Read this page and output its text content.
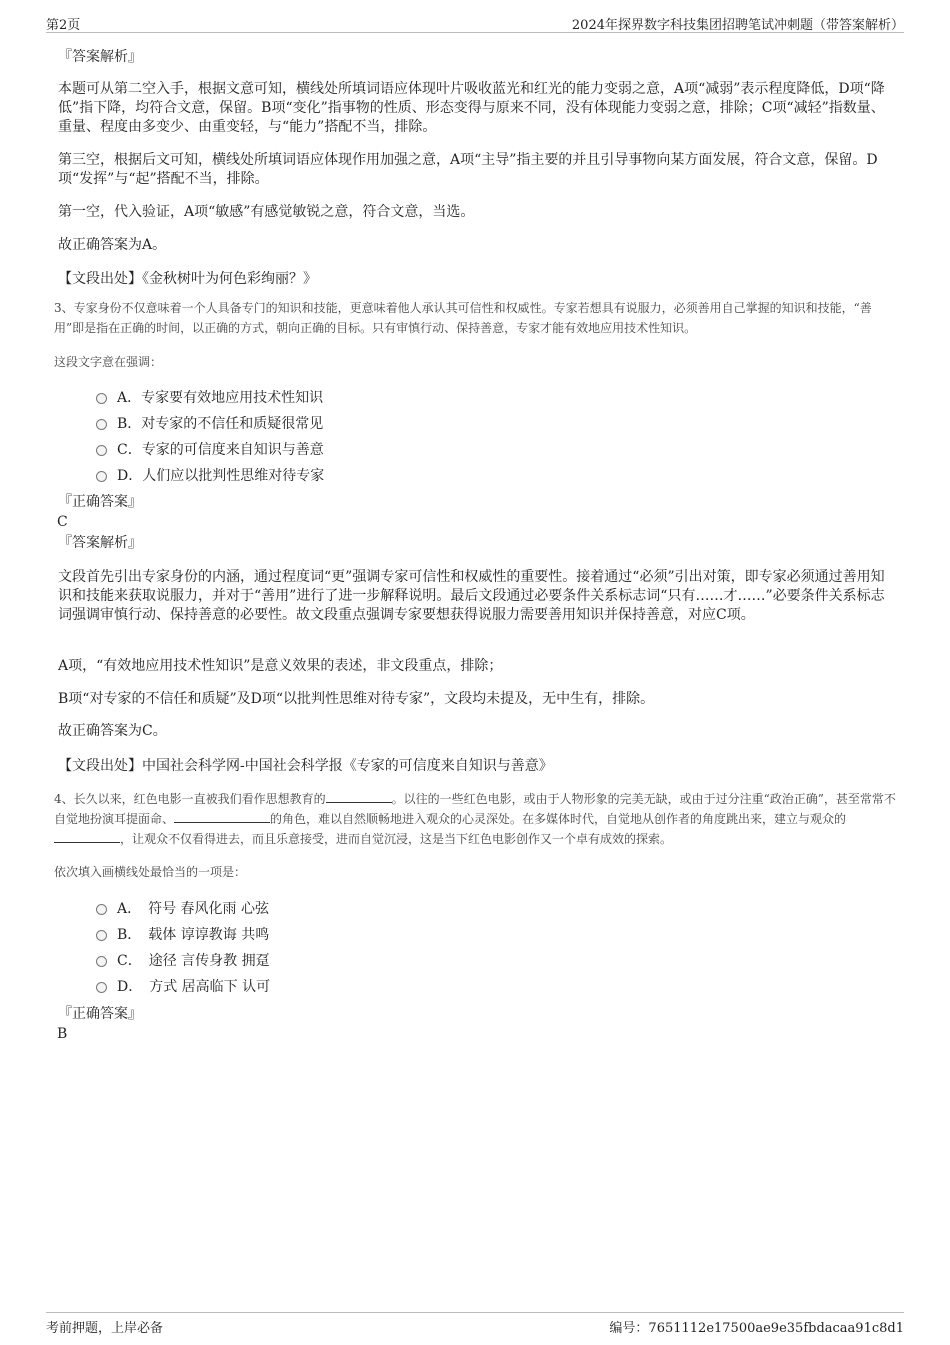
第2页	2024年探界数字科技集团招聘笔试冲刺题（带答案解析）
『答案解析』
本题可从第二空入手，根据文意可知，横线处所填词语应体现叶片吸收蓝光和红光的能力变弱之意，A项“减弱”表示程度降低，D项“降低”指下降，均符合文意，保留。B项“变化”指事物的性质、形态变得与原来不同，没有体现能力变弱之意，排除；C项“减轻”指数量、重量、程度由多变少、由重变轻，与“能力”搭配不当，排除。
第三空，根据后文可知，横线处所填词语应体现作用加强之意，A项“主导”指主要的并且引导事物向某方面发展，符合文意，保留。D项“发挥”与“起”搭配不当，排除。
第一空，代入验证，A项“敏感”有感觉敏锐之意，符合文意，当选。
故正确答案为A。
【文段出处】《金秋树叶为何色彩绚丽？》
3、专家身份不仅意味着一个人具备专门的知识和技能，更意味着他人承认其可信性和权威性。专家若想具有说服力，必须善用自己掌握的知识和技能，“善用”即是指在正确的时间，以正确的方式，朝向正确的目标。只有审慎行动、保持善意，专家才能有效地应用技术性知识。
这段文字意在强调：
A．专家要有效地应用技术性知识
B．对专家的不信任和质疑很常见
C．专家的可信度来自知识与善意
D．人们应以批判性思维对待专家
『正确答案』
C
『答案解析』
文段首先引出专家身份的内涵，通过程度词“更”强调专家可信性和权威性的重要性。接着通过“必须”引出对策，即专家必须通过善用知识和技能来获取说服力，并对于“善用”进行了进一步解释说明。最后文段通过必要条件关系标志词“只有……才……”必要条件关系标志词强调审慎行动、保持善意的必要性。故文段重点强调专家要想获得说服力需要善用知识并保持善意，对应C项。
A项，“有效地应用技术性知识”是意义效果的表述，非文段重点，排除；
B项“对专家的不信任和质疑”及D项“以批判性思维对待专家”，文段均未提及，无中生有，排除。
故正确答案为C。
【文段出处】中国社会科学网-中国社会科学报《专家的可信度来自知识与善意》
4、长久以来，红色电影一直被我们看作思想教育的	。以往的一些红色电影，或由于人物形象的完美无缺，或由于过分注重“政治正确”，甚至常常不自觉地扮演耳提面命、	的角色，难以自然顺畅地进入观众的心灵深处。在多媒体时代，自觉地从创作者的角度跳出来，建立与观众的，让观众不仅看得进去，而且乐意接受，进而自觉沉浸，这是当下红色电影创作又一个卓有成效的探索。
依次填入画横线处最恰当的一项是：
A．　符号 春风化雨 心弦
B．　载体 谆谆教诲 共鸣
C．　途径 言传身教 拥趸
D．　方式 居高临下 认可
『正确答案』
B
考前押题，上岸必备	编号：7651112e17500ae9e35fbdacaa91c8d1
